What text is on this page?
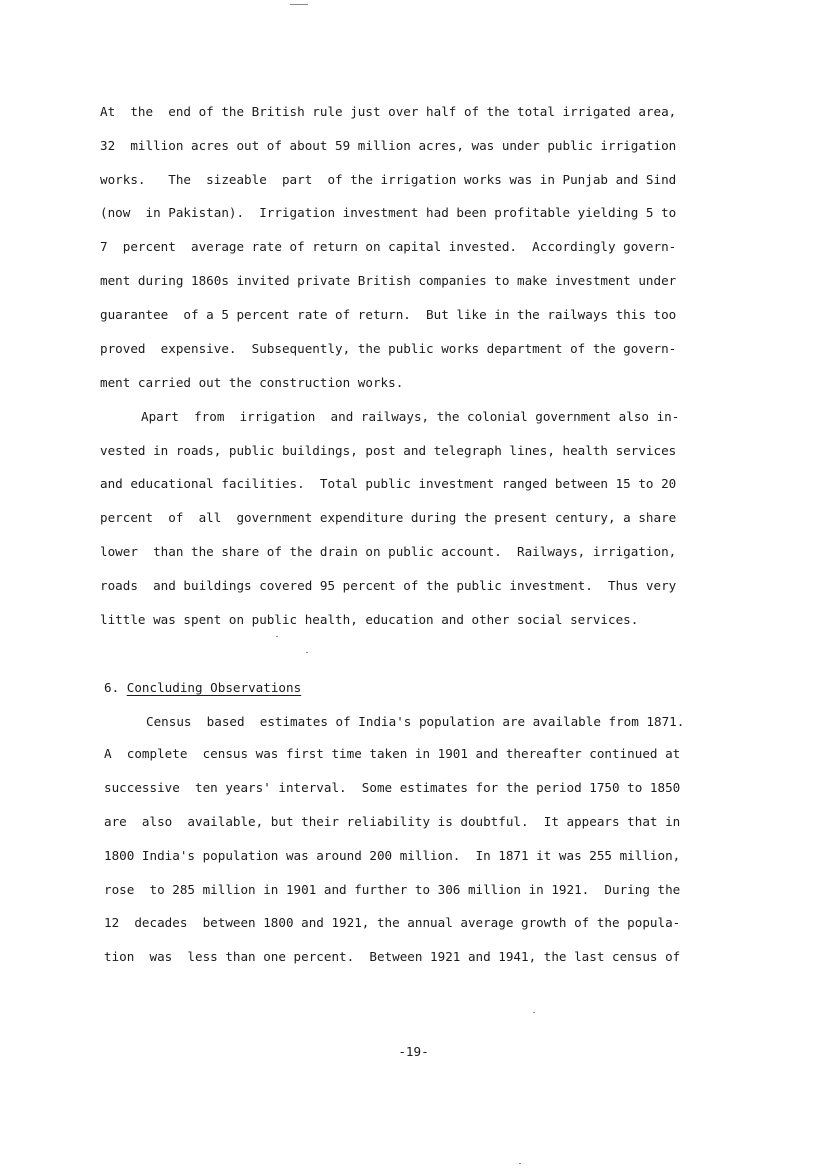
At  the  end of the British rule just over half of the total irrigated area,
32  million acres out of about 59 million acres, was under public irrigation
works.   The  sizeable  part  of the irrigation works was in Punjab and Sind
(now  in Pakistan).  Irrigation investment had been profitable yielding 5 to
7  percent  average rate of return on capital invested.  Accordingly govern-
ment during 1860s invited private British companies to make investment under
guarantee  of a 5 percent rate of return.  But like in the railways this too
proved  expensive.  Subsequently, the public works department of the govern-
ment carried out the construction works.
Apart  from  irrigation  and railways, the colonial government also in-
vested in roads, public buildings, post and telegraph lines, health services
and educational facilities.  Total public investment ranged between 15 to 20
percent  of  all  government expenditure during the present century, a share
lower  than the share of the drain on public account.  Railways, irrigation,
roads  and buildings covered 95 percent of the public investment.  Thus very
little was spent on public health, education and other social services.
6. Concluding Observations
Census  based  estimates of India's population are available from 1871.
A  complete  census was first time taken in 1901 and thereafter continued at
successive  ten years' interval.  Some estimates for the period 1750 to 1850
are  also  available, but their reliability is doubtful.  It appears that in
1800 India's population was around 200 million.  In 1871 it was 255 million,
rose  to 285 million in 1901 and further to 306 million in 1921.  During the
12  decades  between 1800 and 1921, the annual average growth of the popula-
tion  was  less than one percent.  Between 1921 and 1941, the last census of
-19-
